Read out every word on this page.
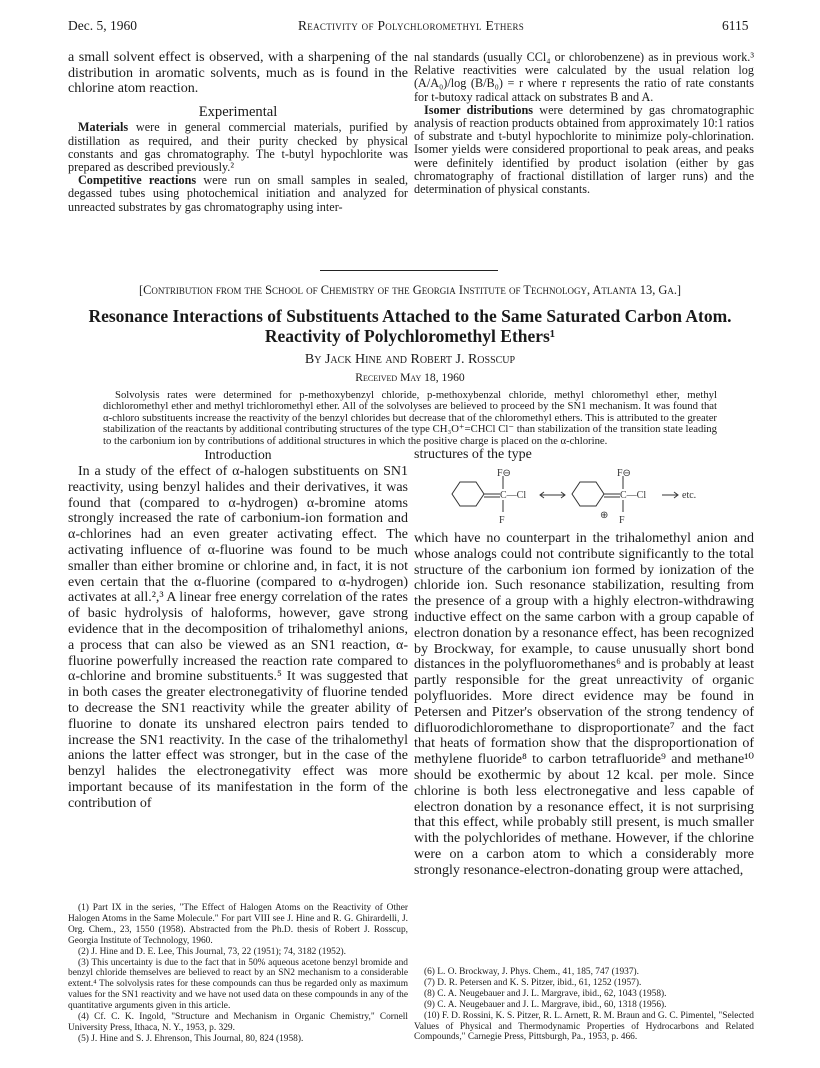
Dec. 5, 1960	Reactivity of Polychloromethyl Ethers	6115

a small solvent effect is observed, with a sharpening of the distribution in aromatic solvents, much as is found in the chlorine atom reaction.

Experimental

Materials were in general commercial materials, purified by distillation as required, and their purity checked by physical constants and gas chromatography. The t-butyl hypochlorite was prepared as described previously.²

Competitive reactions were run on small samples in sealed, degassed tubes using photochemical initiation and analyzed for unreacted substrates by gas chromatography using inter-

nal standards (usually CCl₄ or chlorobenzene) as in previous work.³ Relative reactivities were calculated by the usual relation log (A/A₀)/log (B/B₀) = r where r represents the ratio of rate constants for t-butoxy radical attack on substrates B and A.

Isomer distributions were determined by gas chromatographic analysis of reaction products obtained from approximately 10:1 ratios of substrate and t-butyl hypochlorite to minimize poly-chlorination. Isomer yields were considered proportional to peak areas, and peaks were definitely identified by product isolation (either by gas chromatography of fractional distillation of larger runs) and the determination of physical constants.

[Contribution from the School of Chemistry of the Georgia Institute of Technology, Atlanta 13, Ga.]
Resonance Interactions of Substituents Attached to the Same Saturated Carbon Atom.
Reactivity of Polychloromethyl Ethers¹
By Jack Hine and Robert J. Rosscup
Received May 18, 1960
Solvolysis rates were determined for p-methoxybenzyl chloride, p-methoxybenzal chloride, methyl chloromethyl ether, methyl dichloromethyl ether and methyl trichloromethyl ether. All of the solvolyses are believed to proceed by the SN1 mechanism. It was found that α-chloro substituents increase the reactivity of the benzyl chlorides but decrease that of the chloromethyl ethers. This is attributed to the greater stabilization of the reactants by additional contributing structures of the type CH₃O⁺=CHCl Cl⁻ than stabilization of the transition state leading to the carbonium ion by contributions of additional structures in which the positive charge is placed on the α-chlorine.
Introduction

In a study of the effect of α-halogen substituents on SN1 reactivity, using benzyl halides and their derivatives, it was found that (compared to α-hydrogen) α-bromine atoms strongly increased the rate of carbonium-ion formation and α-chlorines had an even greater activating effect. The activating influence of α-fluorine was found to be much smaller than either bromine or chlorine and, in fact, it is not even certain that the α-fluorine (compared to α-hydrogen) activates at all.²,³ A linear free energy correlation of the rates of basic hydrolysis of haloforms, however, gave strong evidence that in the decomposition of trihalomethyl anions, a process that can also be viewed as an SN1 reaction, α-fluorine powerfully increased the reaction rate compared to α-chlorine and bromine substituents.⁵ It was suggested that in both cases the greater electronegativity of fluorine tended to decrease the SN1 reactivity while the greater ability of fluorine to donate its unshared electron pairs tended to increase the SN1 reactivity. In the case of the trihalomethyl anions the latter effect was stronger, but in the case of the benzyl halides the electronegativity effect was more important because of its manifestation in the form of the contribution of

(1) Part IX in the series, "The Effect of Halogen Atoms on the Reactivity of Other Halogen Atoms in the Same Molecule." For part VIII see J. Hine and R. G. Ghirardelli, J. Org. Chem., 23, 1550 (1958). Abstracted from the Ph.D. thesis of Robert J. Rosscup, Georgia Institute of Technology, 1960.

(2) J. Hine and D. E. Lee, This Journal, 73, 22 (1951); 74, 3182 (1952).

(3) This uncertainty is due to the fact that in 50% aqueous acetone benzyl bromide and benzyl chloride themselves are believed to react by an SN2 mechanism to a considerable extent.⁴ The solvolysis rates for these compounds can thus be regarded only as maximum values for the SN1 reactivity and we have not used data on these compounds in any of the quantitative arguments given in this article.

(4) Cf. C. K. Ingold, "Structure and Mechanism in Organic Chemistry," Cornell University Press, Ithaca, N. Y., 1953, p. 329.

(5) J. Hine and S. J. Ehrenson, This Journal, 80, 824 (1958).

structures of the type
F⊖
C—Cl
F
F⊖
C—Cl
F
⊕
etc.

which have no counterpart in the trihalomethyl anion and whose analogs could not contribute significantly to the total structure of the carbonium ion formed by ionization of the chloride ion. Such resonance stabilization, resulting from the presence of a group with a highly electron-withdrawing inductive effect on the same carbon with a group capable of electron donation by a resonance effect, has been recognized by Brockway, for example, to cause unusually short bond distances in the polyfluoromethanes⁶ and is probably at least partly responsible for the great unreactivity of organic polyfluorides. More direct evidence may be found in Petersen and Pitzer's observation of the strong tendency of difluorodichloromethane to disproportionate⁷ and the fact that heats of formation show that the disproportionation of methylene fluoride⁸ to carbon tetrafluoride⁹ and methane¹⁰ should be exothermic by about 12 kcal. per mole. Since chlorine is both less electronegative and less capable of electron donation by a resonance effect, it is not surprising that this effect, while probably still present, is much smaller with the polychlorides of methane. However, if the chlorine were on a carbon atom to which a considerably more strongly resonance-electron-donating group were attached,

(6) L. O. Brockway, J. Phys. Chem., 41, 185, 747 (1937).

(7) D. R. Petersen and K. S. Pitzer, ibid., 61, 1252 (1957).

(8) C. A. Neugebauer and J. L. Margrave, ibid., 62, 1043 (1958).

(9) C. A. Neugebauer and J. L. Margrave, ibid., 60, 1318 (1956).

(10) F. D. Rossini, K. S. Pitzer, R. L. Arnett, R. M. Braun and G. C. Pimentel, "Selected Values of Physical and Thermodynamic Properties of Hydrocarbons and Related Compounds," Carnegie Press, Pittsburgh, Pa., 1953, p. 466.
